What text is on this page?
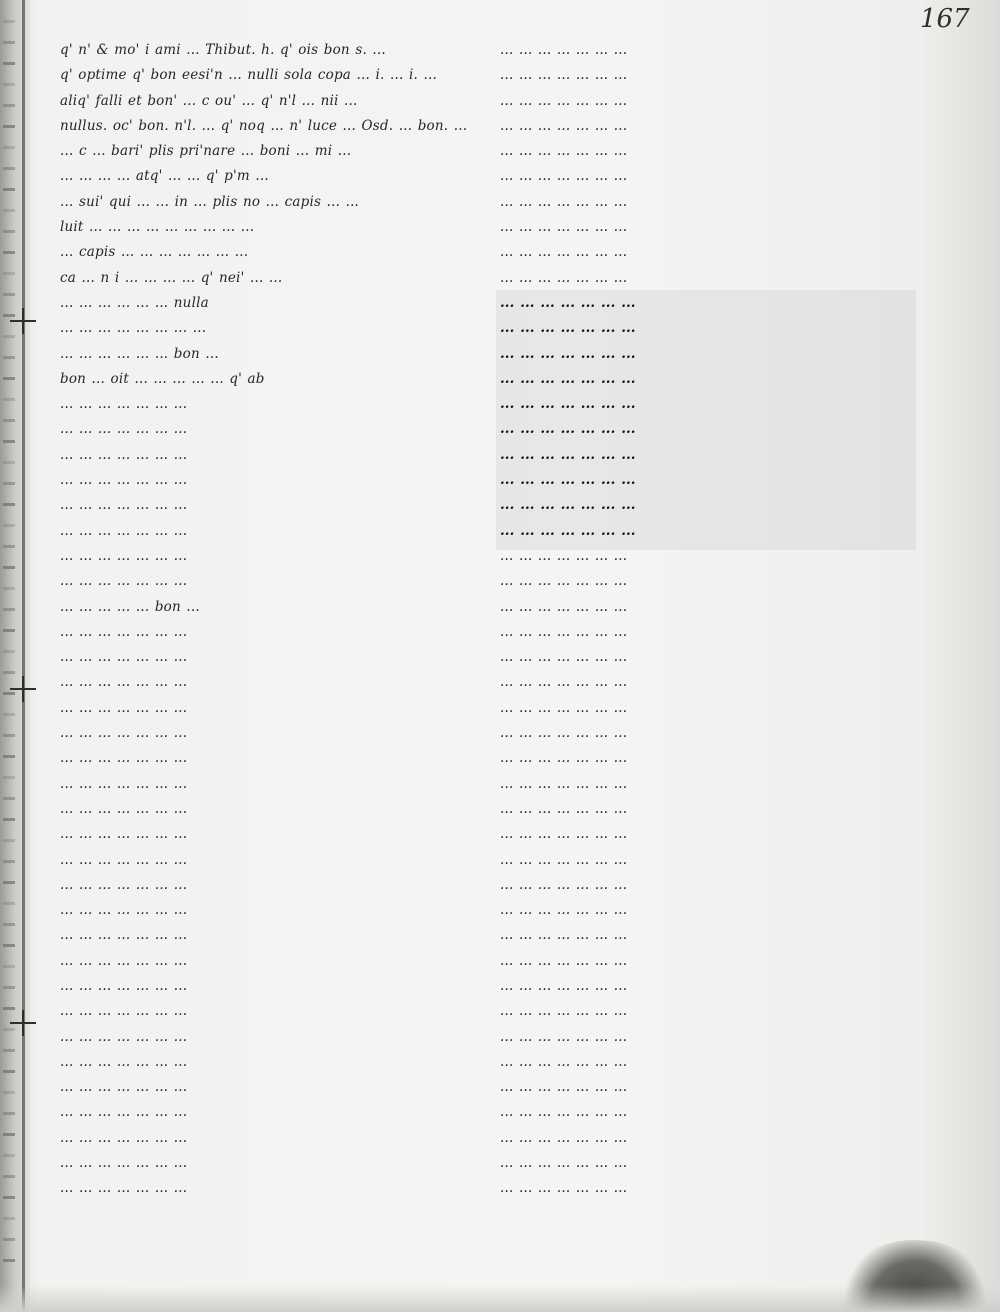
167
q' n' & mo' i ami ... Thibut. h. q' ois bon s. ...
q' optime q' bon eesi'n ... nulli sola copa ... i. ... i. ...
aliq' falli et bon' ... c ou' ... q' n'l ... nii ...
nullus. oc' bon. n'l. ... q' noq ... n' luce ... Osd. ... bon. ...
... c ... bari' plis pri'nare ... boni ... mi ...
... ... ... ... atq' ... ... q' p'm ...
... sui' qui ... ... in ... plis no ... capis ... ...
luit ... ... ... ... ... ... ... ... ...
... capis ... ... ... ... ... ... ...
ca ... n i ... ... ... ... q' nei' ... ...
... ... ... ... ... ... nulla
... ... ... ... ... ... ... ...
... ... ... ... ... ... bon ...
bon ... oit ... ... ... ... ... q' ab
... ... ... ... ... ... ...
... ... ... ... ... ... ...
... ... ... ... ... ... ...
... ... ... ... ... ... ...
... ... ... ... ... ... ...
... ... ... ... ... ... ...
... ... ... ... ... ... ...
... ... ... ... ... ... ...
... ... ... ... ... bon ...
... ... ... ... ... ... ...
... ... ... ... ... ... ...
... ... ... ... ... ... ...
... ... ... ... ... ... ...
... ... ... ... ... ... ...
... ... ... ... ... ... ...
... ... ... ... ... ... ...
... ... ... ... ... ... ...
... ... ... ... ... ... ...
... ... ... ... ... ... ...
... ... ... ... ... ... ...
... ... ... ... ... ... ...
... ... ... ... ... ... ...
... ... ... ... ... ... ...
... ... ... ... ... ... ...
... ... ... ... ... ... ...
... ... ... ... ... ... ...
... ... ... ... ... ... ...
... ... ... ... ... ... ...
... ... ... ... ... ... ...
... ... ... ... ... ... ...
... ... ... ... ... ... ...
... ... ... ... ... ... ...
... ... ... ... ... ... ...
... ... ... ... ... ... ...
... ... ... ... ... ... ...
... ... ... ... ... ... ...
... ... ... ... ... ... ...
... ... ... ... ... ... ...
... ... ... ... ... ... ...
... ... ... ... ... ... ...
... ... ... ... ... ... ...
... ... ... ... ... ... ...
... ... ... ... ... ... ...
... ... ... ... ... ... ...
... ... ... ... ... ... ...
... ... ... ... ... ... ...
... ... ... ... ... ... ...
... ... ... ... ... ... ...
... ... ... ... ... ... ...
... ... ... ... ... ... ...
... ... ... ... ... ... ...
... ... ... ... ... ... ...
... ... ... ... ... ... ...
... ... ... ... ... ... ...
... ... ... ... ... ... ...
... ... ... ... ... ... ...
... ... ... ... ... ... ...
... ... ... ... ... ... ...
... ... ... ... ... ... ...
... ... ... ... ... ... ...
... ... ... ... ... ... ...
... ... ... ... ... ... ...
... ... ... ... ... ... ...
... ... ... ... ... ... ...
... ... ... ... ... ... ...
... ... ... ... ... ... ...
... ... ... ... ... ... ...
... ... ... ... ... ... ...
... ... ... ... ... ... ...
... ... ... ... ... ... ...
... ... ... ... ... ... ...
... ... ... ... ... ... ...
... ... ... ... ... ... ...
... ... ... ... ... ... ...
... ... ... ... ... ... ...
... ... ... ... ... ... ...
... ... ... ... ... ... ...
... ... ... ... ... ... ...
